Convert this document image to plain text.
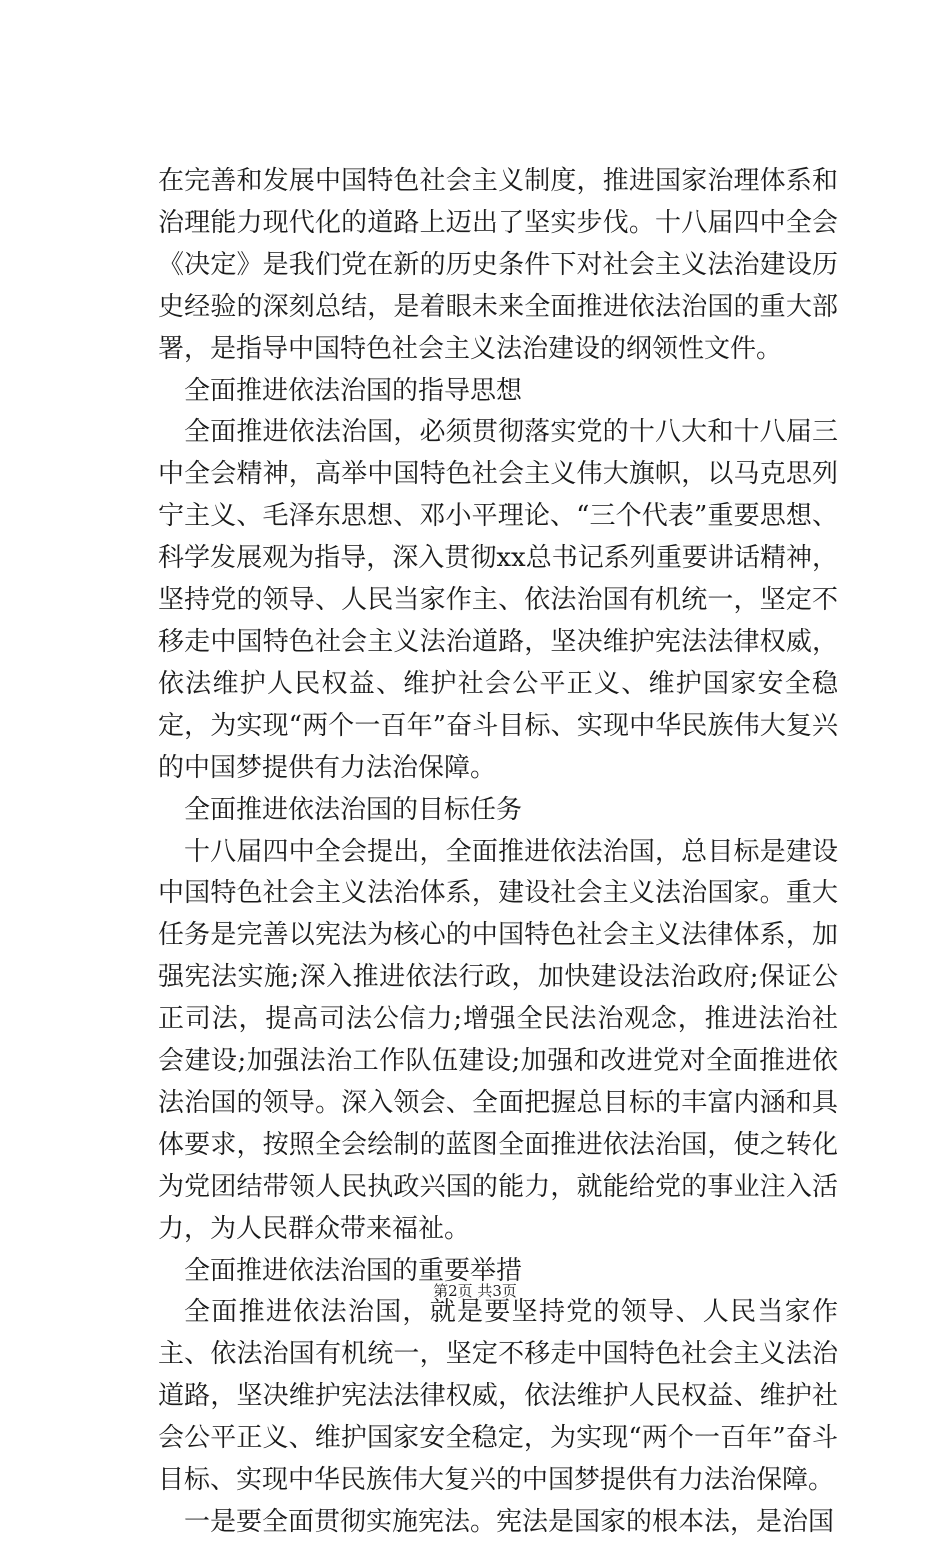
在完善和发展中国特色社会主义制度，推进国家治理体系和治理能力现代化的道路上迈出了坚实步伐。十八届四中全会《决定》是我们党在新的历史条件下对社会主义法治建设历史经验的深刻总结，是着眼未来全面推进依法治国的重大部署，是指导中国特色社会主义法治建设的纲领性文件。

全面推进依法治国的指导思想

全面推进依法治国，必须贯彻落实党的十八大和十八届三中全会精神，高举中国特色社会主义伟大旗帜，以马克思列宁主义、毛泽东思想、邓小平理论、“三个代表”重要思想、科学发展观为指导，深入贯彻xx总书记系列重要讲话精神，坚持党的领导、人民当家作主、依法治国有机统一，坚定不移走中国特色社会主义法治道路，坚决维护宪法法律权威，依法维护人民权益、维护社会公平正义、维护国家安全稳定，为实现“两个一百年”奋斗目标、实现中华民族伟大复兴的中国梦提供有力法治保障。

全面推进依法治国的目标任务

十八届四中全会提出，全面推进依法治国，总目标是建设中国特色社会主义法治体系，建设社会主义法治国家。重大任务是完善以宪法为核心的中国特色社会主义法律体系，加强宪法实施;深入推进依法行政，加快建设法治政府;保证公正司法，提高司法公信力;增强全民法治观念，推进法治社会建设;加强法治工作队伍建设;加强和改进党对全面推进依法治国的领导。深入领会、全面把握总目标的丰富内涵和具体要求，按照全会绘制的蓝图全面推进依法治国，使之转化为党团结带领人民执政兴国的能力，就能给党的事业注入活力，为人民群众带来福祉。

全面推进依法治国的重要举措

全面推进依法治国，就是要坚持党的领导、人民当家作主、依法治国有机统一，坚定不移走中国特色社会主义法治道路，坚决维护宪法法律权威，依法维护人民权益、维护社会公平正义、维护国家安全稳定，为实现“两个一百年”奋斗目标、实现中华民族伟大复兴的中国梦提供有力法治保障。

一是要全面贯彻实施宪法。宪法是国家的根本法，是治国

第2页 共3页
